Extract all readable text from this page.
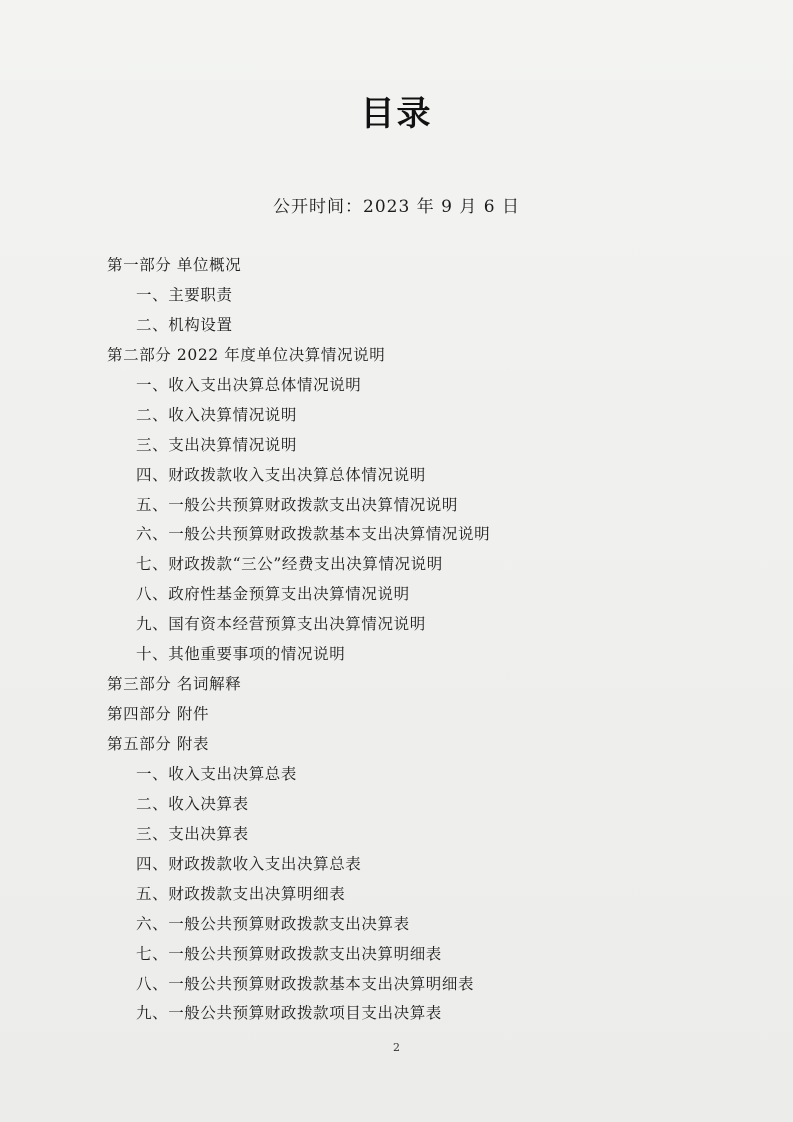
目录
公开时间：2023 年 9 月 6 日
第一部分 单位概况
一、主要职责
二、机构设置
第二部分 2022 年度单位决算情况说明
一、收入支出决算总体情况说明
二、收入决算情况说明
三、支出决算情况说明
四、财政拨款收入支出决算总体情况说明
五、一般公共预算财政拨款支出决算情况说明
六、一般公共预算财政拨款基本支出决算情况说明
七、财政拨款“三公”经费支出决算情况说明
八、政府性基金预算支出决算情况说明
九、国有资本经营预算支出决算情况说明
十、其他重要事项的情况说明
第三部分 名词解释
第四部分 附件
第五部分 附表
一、收入支出决算总表
二、收入决算表
三、支出决算表
四、财政拨款收入支出决算总表
五、财政拨款支出决算明细表
六、一般公共预算财政拨款支出决算表
七、一般公共预算财政拨款支出决算明细表
八、一般公共预算财政拨款基本支出决算明细表
九、一般公共预算财政拨款项目支出决算表
2
